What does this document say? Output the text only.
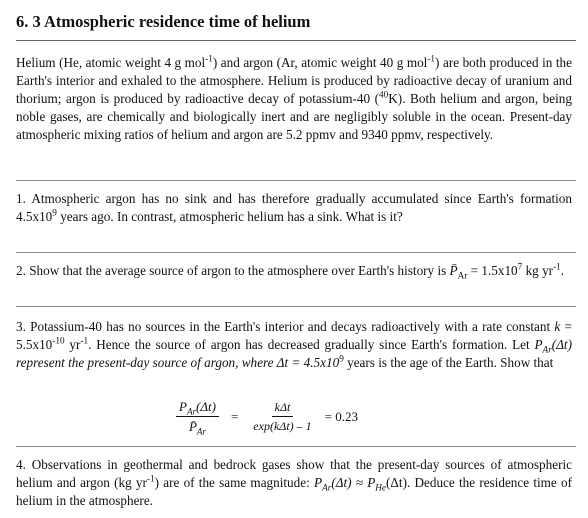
6. 3 Atmospheric residence time of helium

Helium (He, atomic weight 4 g mol$^{-1}$) and argon (Ar, atomic weight 40 g mol$^{-1}$) are both produced in the Earth's interior and exhaled to the atmosphere. Helium is produced by radioactive decay of uranium and thorium; argon is produced by radioactive decay of potassium-40 ($^{40}$K). Both helium and argon, being noble gases, are chemically and biologically inert and are negligibly soluble in the ocean. Present-day atmospheric mixing ratios of helium and argon are 5.2 ppmv and 9340 ppmv, respectively.

1. Atmospheric argon has no sink and has therefore gradually accumulated since Earth's formation $4.5x10^9$ years ago. In contrast, atmospheric helium has a sink. What is it?

2. Show that the average source of argon to the atmosphere over Earth's history is $P̄_{Ar} = 1.5x10^7$ kg $yr^{-1}$.

3. Potassium-40 has no sources in the Earth's interior and decays radioactively with a rate constant $k = 5.5x10^{-10}$ $yr^{-1}$. Hence the source of argon has decreased gradually since Earth's formation. Let $P_{Ar}(\Delta t)$ represent the present-day source of argon, where $\Delta t = 4.5x10^9$ years is the age of the Earth. Show that

$\frac{P_{Ar}(\Delta t)}{P̄_{Ar}} = \frac{\text{kΔt}}{\text{exp(kΔt) – 1}} = 0.23$

4. Observations in geothermal and bedrock gases show that the present-day sources of atmospheric helium and argon (kg $yr^{-1}$) are of the same magnitude: $P_{Ar}(\Delta t) \approx P_{He}(\Delta t)$. Deduce the residence time of helium in the atmosphere.
